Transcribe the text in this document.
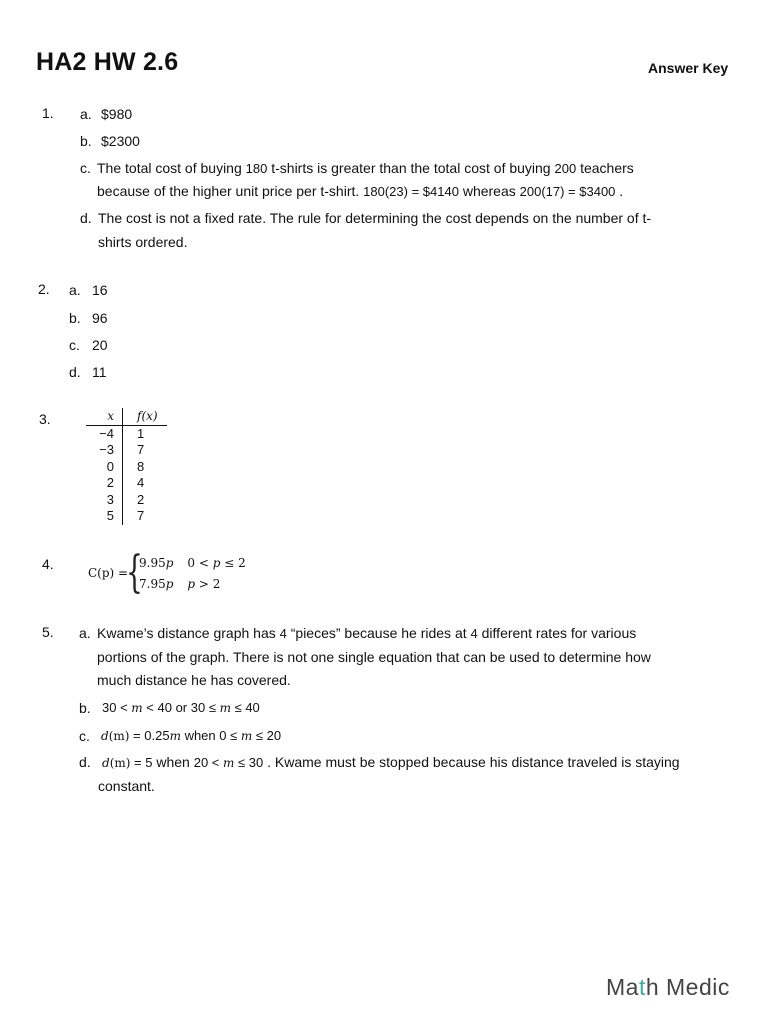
HA2 HW 2.6	Answer Key
1. a. $980
b. $2300
c. The total cost of buying 180 t-shirts is greater than the total cost of buying 200 teachers
because of the higher unit price per t-shirt. 180(23) = $4140 whereas 200(17) = $3400 .
d. The cost is not a fixed rate. The rule for determining the cost depends on the number of t-
shirts ordered.
2. a. 16
b. 96
c. 20
d. 11
3.	x	f(x)
−4	1
−3	7
0	8
2	4
3	2
5	7
4.
C(p) =
{
9.95p 0 < p ≤ 2
7.95p p > 2
5. a. Kwame’s distance graph has 4 “pieces” because he rides at 4 different rates for various
portions of the graph. There is not one single equation that can be used to determine how
much distance he has covered.
b. 30 < m < 40 or 30 ≤ m ≤ 40
c. d(m) = 0.25m when 0 ≤ m ≤ 20
d. d(m) = 5 when 20 < m ≤ 30 . Kwame must be stopped because his distance traveled is staying
constant.
Math Medic
